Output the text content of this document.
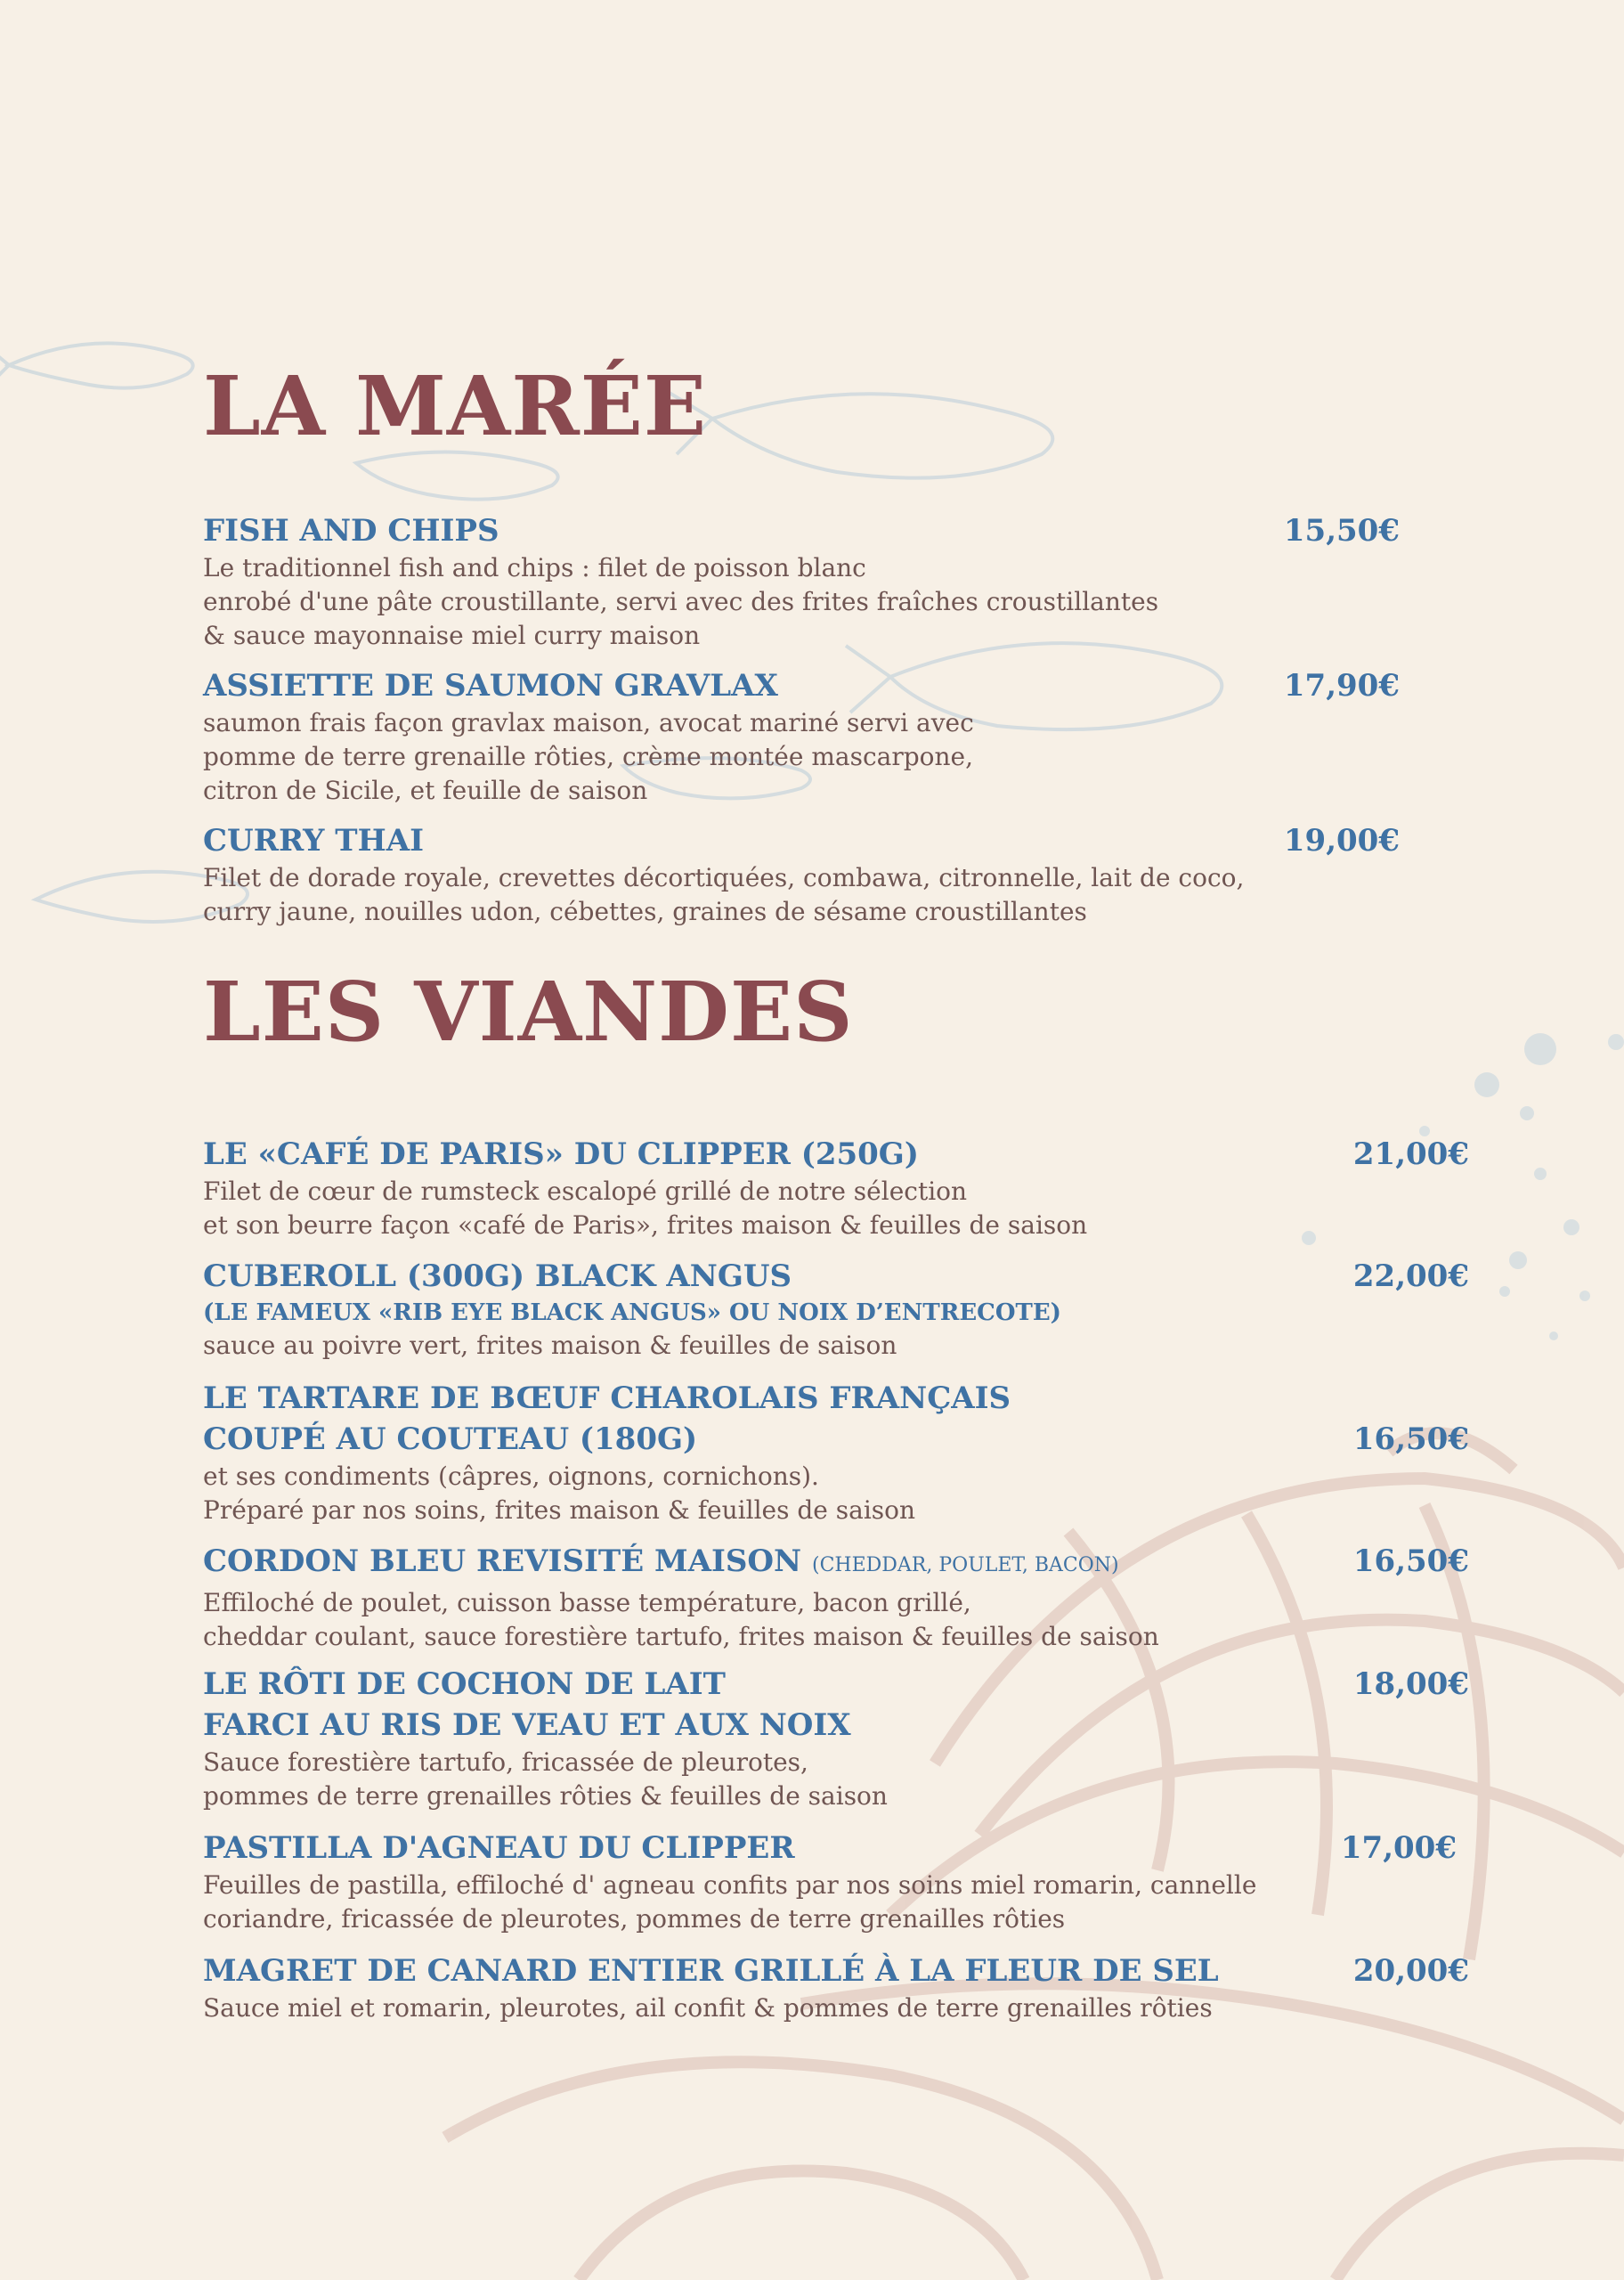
LA MARÉE
FISH AND CHIPS
Le traditionnel fish and chips : filet de poisson blanc
enrobé d'une pâte croustillante, servi avec des frites fraîches croustillantes
& sauce mayonnaise miel curry maison
15,50€
ASSIETTE DE SAUMON GRAVLAX
saumon frais façon gravlax maison, avocat mariné servi avec
pomme de terre grenaille rôties, crème montée mascarpone,
citron de Sicile, et feuille de saison
17,90€
CURRY THAI
Filet de dorade royale, crevettes décortiquées, combawa, citronnelle, lait de coco,
curry jaune, nouilles udon, cébettes, graines de sésame croustillantes
19,00€
LES VIANDES
LE «CAFÉ DE PARIS» DU CLIPPER (250G)
Filet de cœur de rumsteck escalopé grillé de notre sélection
et son beurre façon «café de Paris», frites maison & feuilles de saison
21,00€
CUBEROLL (300G) BLACK ANGUS
(LE FAMEUX «RIB EYE BLACK ANGUS» OU NOIX D’ENTRECOTE)
sauce au poivre vert, frites maison & feuilles de saison
22,00€
LE TARTARE DE BŒUF CHAROLAIS FRANÇAIS
COUPÉ AU COUTEAU (180G)
et ses condiments (câpres, oignons, cornichons).
Préparé par nos soins, frites maison & feuilles de saison
16,50€
CORDON BLEU REVISITÉ MAISON (CHEDDAR, POULET, BACON)
Effiloché de poulet, cuisson basse température, bacon grillé,
cheddar coulant, sauce forestière tartufo, frites maison & feuilles de saison
16,50€
LE RÔTI DE COCHON DE LAIT
FARCI AU RIS DE VEAU ET AUX NOIX
Sauce forestière tartufo, fricassée de pleurotes,
pommes de terre grenailles rôties & feuilles de saison
18,00€
PASTILLA D'AGNEAU DU CLIPPER
Feuilles de pastilla, effiloché d' agneau confits par nos soins miel romarin, cannelle
coriandre, fricassée de pleurotes, pommes de terre grenailles rôties
17,00€
MAGRET DE CANARD ENTIER GRILLÉ À LA FLEUR DE SEL
Sauce miel et romarin, pleurotes, ail confit & pommes de terre grenailles rôties
20,00€
